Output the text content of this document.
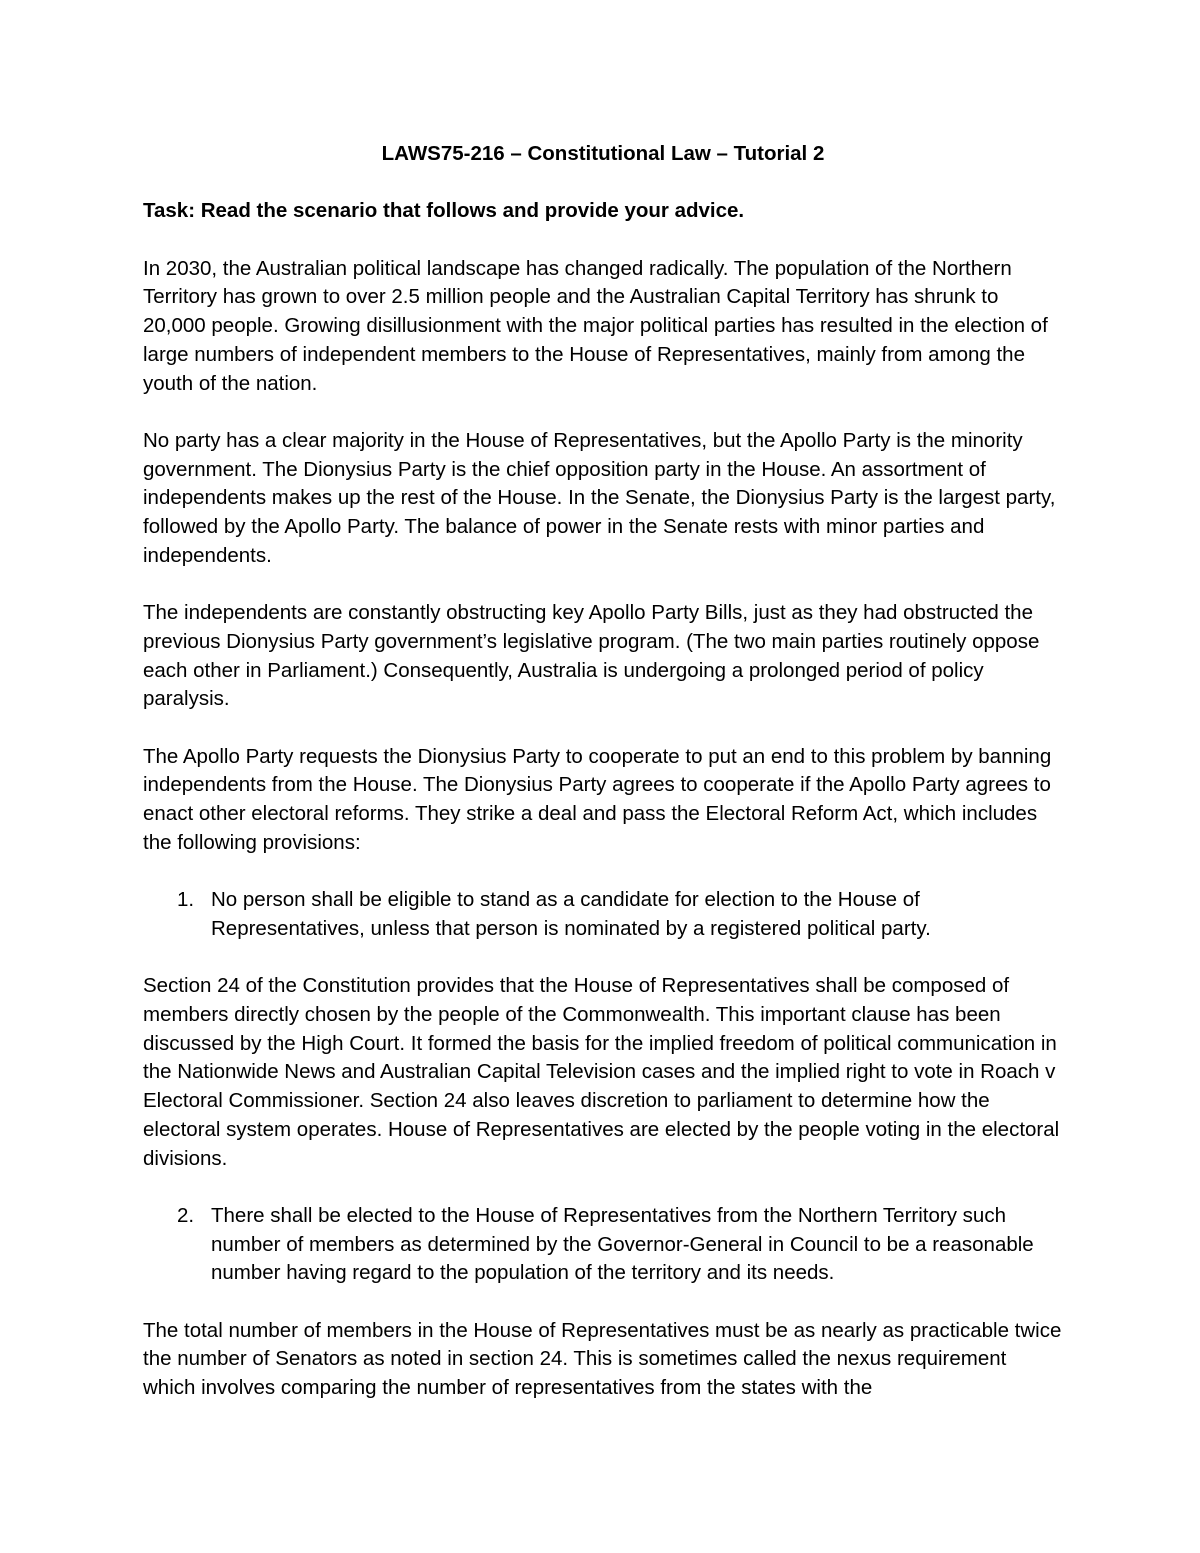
LAWS75-216 – Constitutional Law – Tutorial 2

Task: Read the scenario that follows and provide your advice.

In 2030, the Australian political landscape has changed radically. The population of the Northern Territory has grown to over 2.5 million people and the Australian Capital Territory has shrunk to 20,000 people. Growing disillusionment with the major political parties has resulted in the election of large numbers of independent members to the House of Representatives, mainly from among the youth of the nation.

No party has a clear majority in the House of Representatives, but the Apollo Party is the minority government. The Dionysius Party is the chief opposition party in the House. An assortment of independents makes up the rest of the House. In the Senate, the Dionysius Party is the largest party, followed by the Apollo Party. The balance of power in the Senate rests with minor parties and independents.

The independents are constantly obstructing key Apollo Party Bills, just as they had obstructed the previous Dionysius Party government’s legislative program. (The two main parties routinely oppose each other in Parliament.) Consequently, Australia is undergoing a prolonged period of policy paralysis.

The Apollo Party requests the Dionysius Party to cooperate to put an end to this problem by banning independents from the House. The Dionysius Party agrees to cooperate if the Apollo Party agrees to enact other electoral reforms. They strike a deal and pass the Electoral Reform Act, which includes the following provisions:

1. No person shall be eligible to stand as a candidate for election to the House of Representatives, unless that person is nominated by a registered political party.

Section 24 of the Constitution provides that the House of Representatives shall be composed of members directly chosen by the people of the Commonwealth. This important clause has been discussed by the High Court. It formed the basis for the implied freedom of political communication in the Nationwide News and Australian Capital Television cases and the implied right to vote in Roach v Electoral Commissioner. Section 24 also leaves discretion to parliament to determine how the electoral system operates. House of Representatives are elected by the people voting in the electoral divisions.

2. There shall be elected to the House of Representatives from the Northern Territory such number of members as determined by the Governor-General in Council to be a reasonable number having regard to the population of the territory and its needs.

The total number of members in the House of Representatives must be as nearly as practicable twice the number of Senators as noted in section 24. This is sometimes called the nexus requirement which involves comparing the number of representatives from the states with the
